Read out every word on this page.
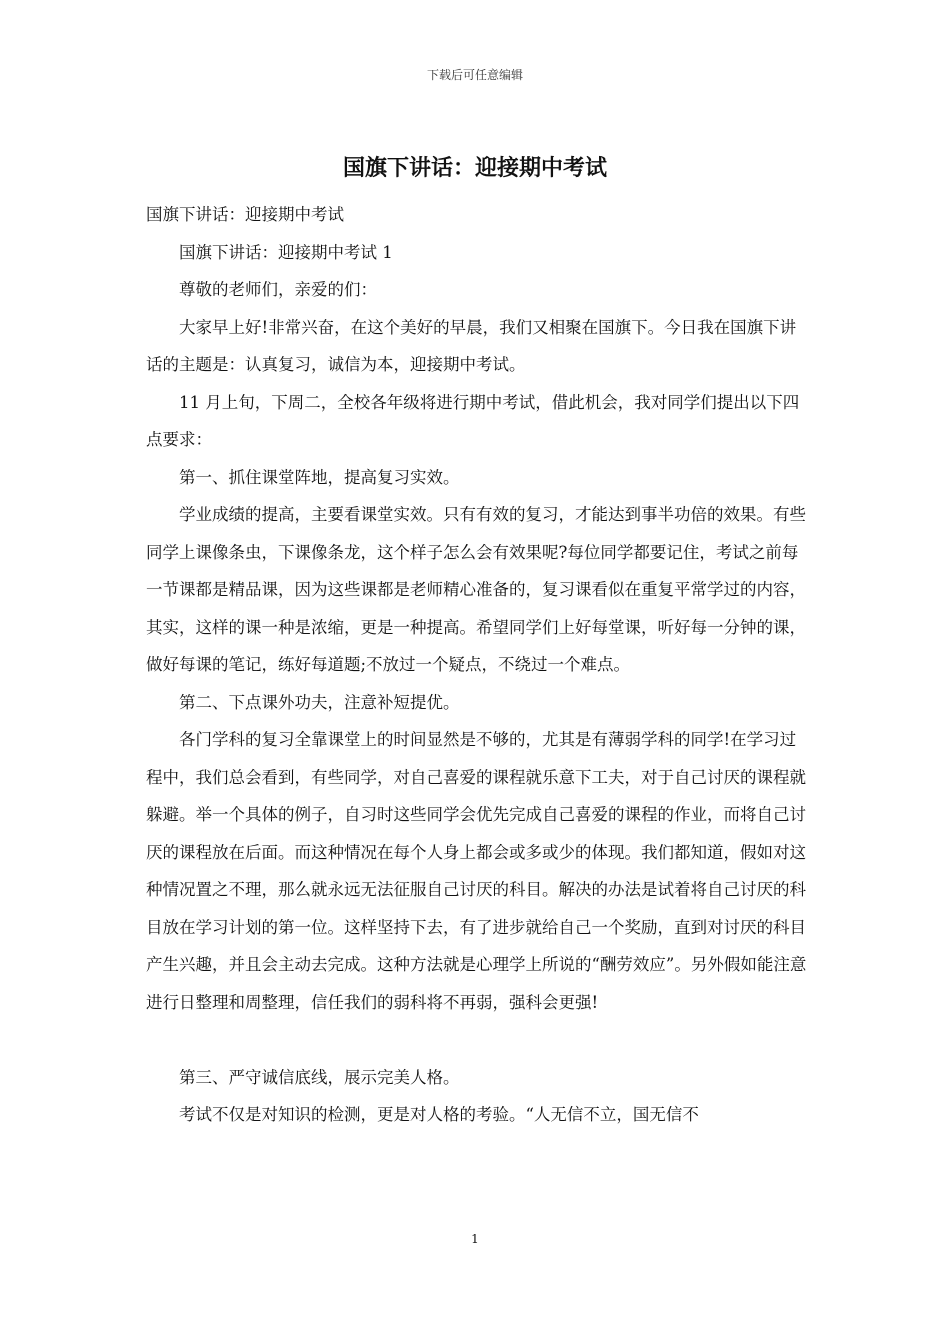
下载后可任意编辑
国旗下讲话：迎接期中考试

国旗下讲话：迎接期中考试

国旗下讲话：迎接期中考试 1

尊敬的老师们，亲爱的们：

大家早上好!非常兴奋，在这个美好的早晨，我们又相聚在国旗下。今日我在国旗下讲话的主题是：认真复习，诚信为本，迎接期中考试。

11 月上旬，下周二，全校各年级将进行期中考试，借此机会，我对同学们提出以下四点要求：

第一、抓住课堂阵地，提高复习实效。

学业成绩的提高，主要看课堂实效。只有有效的复习，才能达到事半功倍的效果。有些同学上课像条虫，下课像条龙，这个样子怎么会有效果呢?每位同学都要记住，考试之前每一节课都是精品课，因为这些课都是老师精心准备的，复习课看似在重复平常学过的内容，其实，这样的课一种是浓缩，更是一种提高。希望同学们上好每堂课，听好每一分钟的课，做好每课的笔记，练好每道题;不放过一个疑点，不绕过一个难点。

第二、下点课外功夫，注意补短提优。

各门学科的复习全靠课堂上的时间显然是不够的，尤其是有薄弱学科的同学!在学习过程中，我们总会看到，有些同学，对自己喜爱的课程就乐意下工夫，对于自己讨厌的课程就躲避。举一个具体的例子，自习时这些同学会优先完成自己喜爱的课程的作业，而将自己讨厌的课程放在后面。而这种情况在每个人身上都会或多或少的体现。我们都知道，假如对这种情况置之不理，那么就永远无法征服自己讨厌的科目。解决的办法是试着将自己讨厌的科目放在学习计划的第一位。这样坚持下去，有了进步就给自己一个奖励，直到对讨厌的科目产生兴趣，并且会主动去完成。这种方法就是心理学上所说的“酬劳效应”。另外假如能注意进行日整理和周整理，信任我们的弱科将不再弱，强科会更强!

第三、严守诚信底线，展示完美人格。

考试不仅是对知识的检测，更是对人格的考验。“人无信不立，国无信不

1
